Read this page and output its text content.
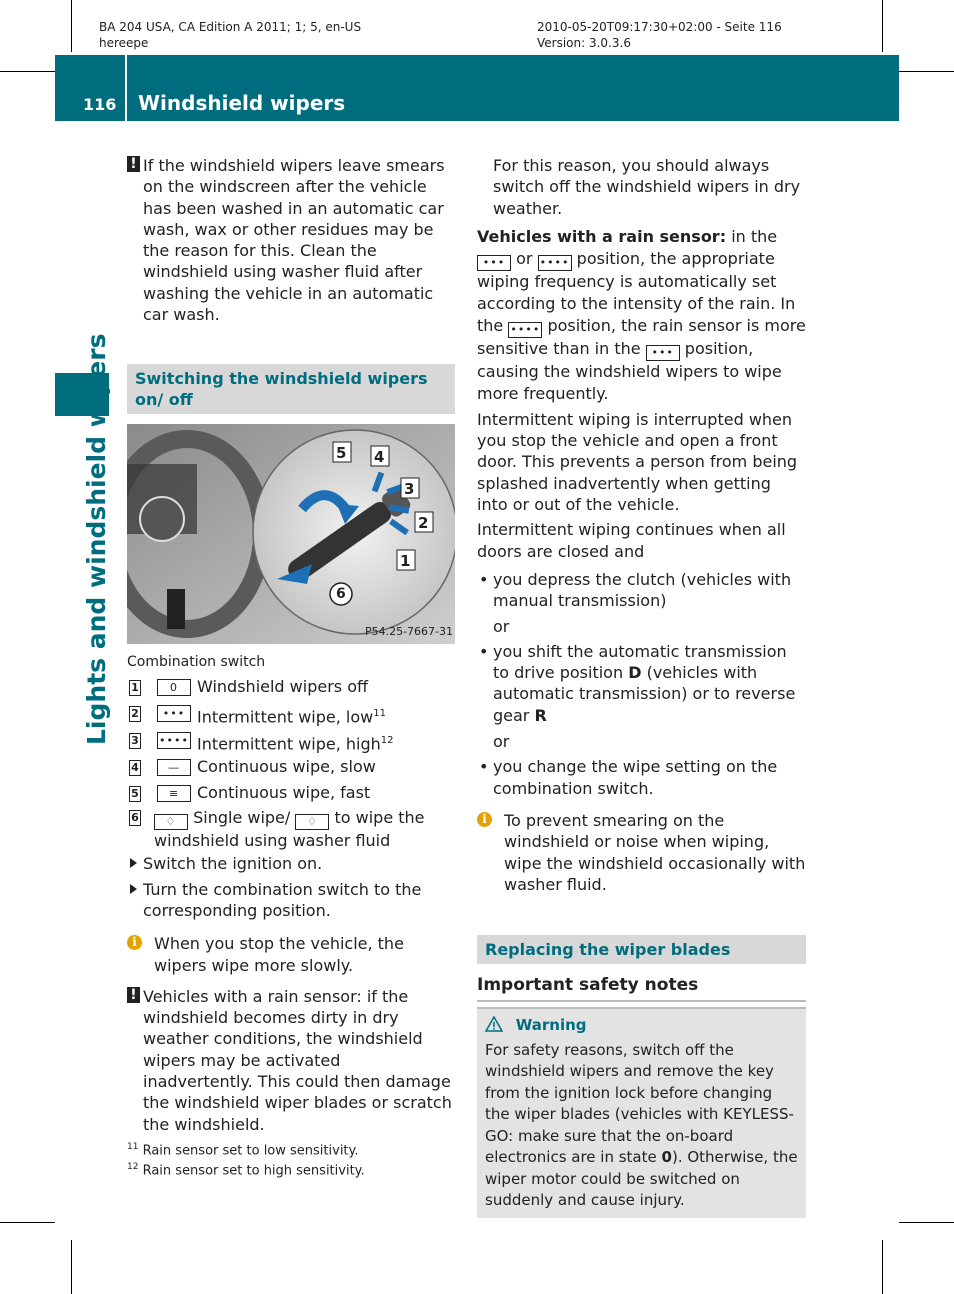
BA 204 USA, CA Edition A 2011; 1; 5, en-US
hereepe
2010-05-20T09:17:30+02:00 - Seite 116
Version: 3.0.3.6
116 Windshield wipers
Lights and windshield wipers
! If the windshield wipers leave smears on the windscreen after the vehicle has been washed in an automatic car wash, wax or other residues may be the reason for this. Clean the windshield using washer fluid after washing the vehicle in an automatic car wash.
Switching the windshield wipers on/ off
5 4
3
2
1
6
P54.25-7667-31
Combination switch
1	0	Windshield wipers off
2	••• Intermittent wipe, low$^{11}$
3 •••• Intermittent wipe, high$^{12}$
4	—	Continuous wipe, slow
5	≡	Continuous wipe, fast
6 ♢ Single wipe/ ♢ to wipe the windshield using washer fluid
Switch the ignition on.
Turn the combination switch to the corresponding position.
i	When you stop the vehicle, the wipers wipe more slowly.
! Vehicles with a rain sensor: if the windshield becomes dirty in dry weather conditions, the windshield wipers may be activated inadvertently. This could then damage the windshield wiper blades or scratch the windshield.
For this reason, you should always switch off the windshield wipers in dry weather.
Vehicles with a rain sensor: in the ••• or •••• position, the appropriate wiping frequency is automatically set according to the intensity of the rain. In the •••• position, the rain sensor is more sensitive than in the ••• position, causing the windshield wipers to wipe more frequently.
Intermittent wiping is interrupted when you stop the vehicle and open a front door. This prevents a person from being splashed inadvertently when getting into or out of the vehicle.
Intermittent wiping continues when all doors are closed and
• you depress the clutch (vehicles with manual transmission)
or
• you shift the automatic transmission to drive position D (vehicles with automatic transmission) or to reverse gear R
or
• you change the wipe setting on the combination switch.
i	To prevent smearing on the windshield or noise when wiping, wipe the windshield occasionally with washer fluid.
Replacing the wiper blades
Important safety notes
Warning
For safety reasons, switch off the windshield wipers and remove the key from the ignition lock before changing the wiper blades (vehicles with KEYLESS-GO: make sure that the on-board electronics are in state 0). Otherwise, the wiper motor could be switched on suddenly and cause injury.
$^{11}$ Rain sensor set to low sensitivity.
$^{12}$ Rain sensor set to high sensitivity.
